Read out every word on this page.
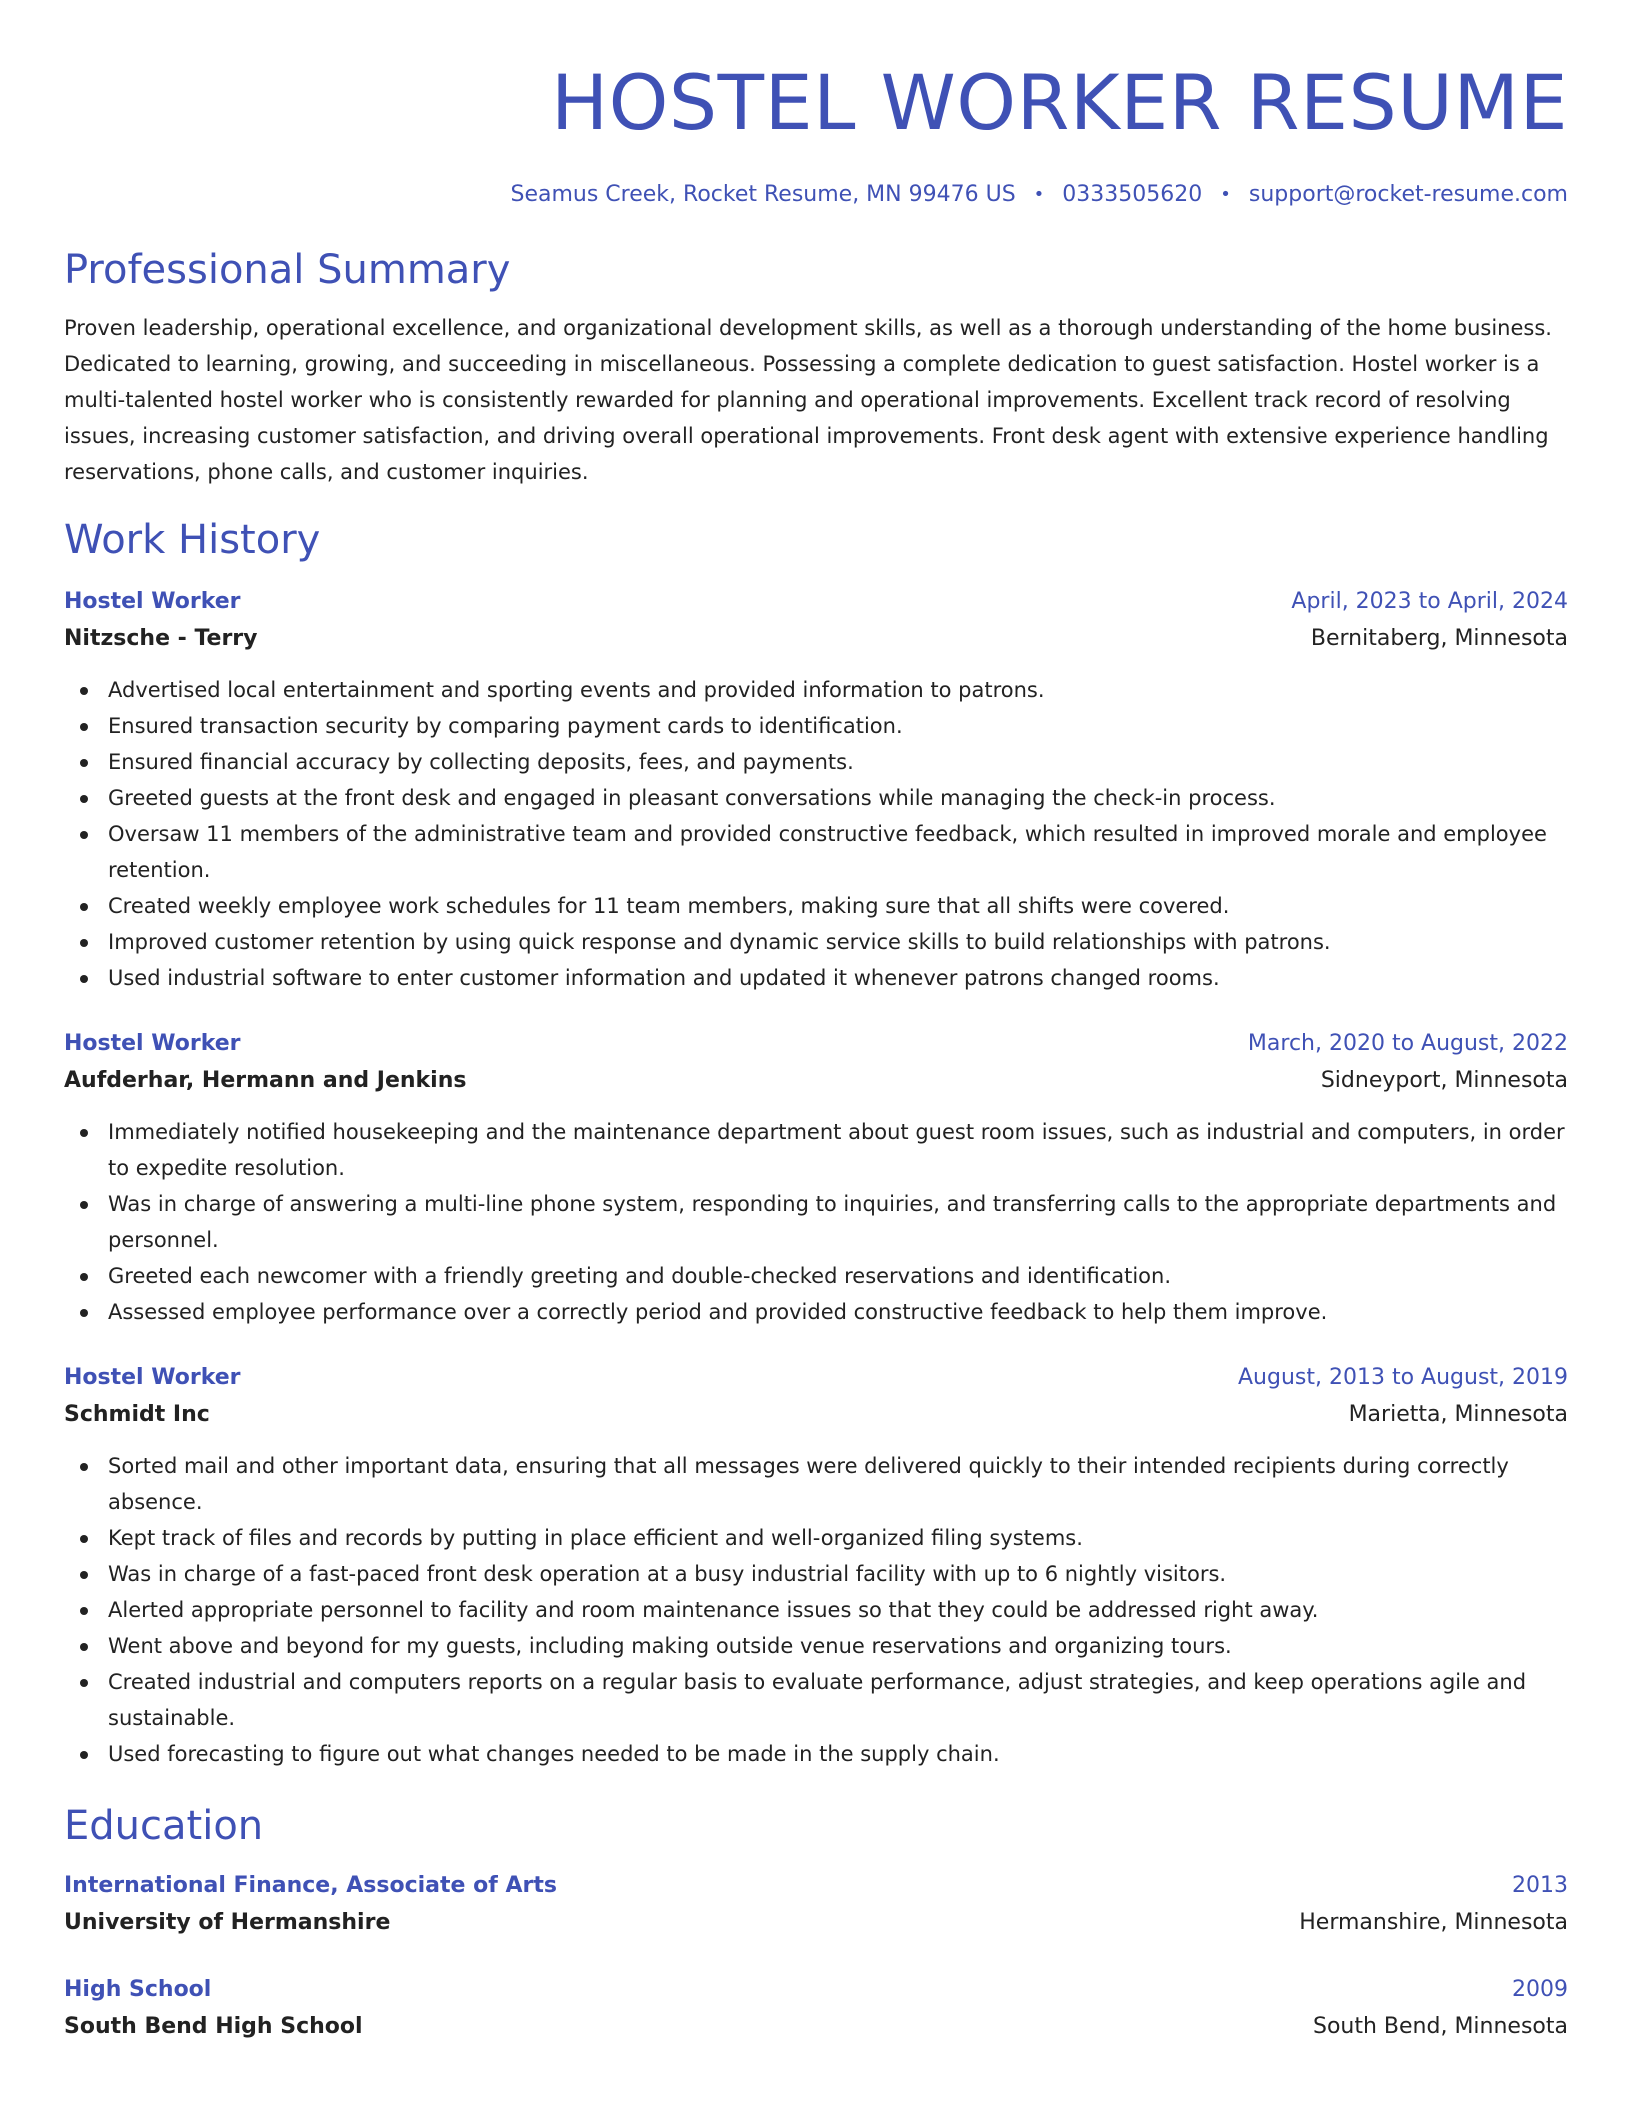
HOSTEL WORKER RESUME
Seamus Creek, Rocket Resume, MN 99476 US • 0333505620 • support@rocket-resume.com
Professional Summary

Proven leadership, operational excellence, and organizational development skills, as well as a thorough understanding of the home business. Dedicated to learning, growing, and succeeding in miscellaneous. Possessing a complete dedication to guest satisfaction. Hostel worker is a multi-talented hostel worker who is consistently rewarded for planning and operational improvements. Excellent track record of resolving issues, increasing customer satisfaction, and driving overall operational improvements. Front desk agent with extensive experience handling reservations, phone calls, and customer inquiries.

Work History
Hostel Worker	April, 2023 to April, 2024
Nitzsche - Terry	Bernitaberg, Minnesota
Advertised local entertainment and sporting events and provided information to patrons.
Ensured transaction security by comparing payment cards to identification.
Ensured financial accuracy by collecting deposits, fees, and payments.
Greeted guests at the front desk and engaged in pleasant conversations while managing the check-in process.
Oversaw 11 members of the administrative team and provided constructive feedback, which resulted in improved morale and employee retention.
Created weekly employee work schedules for 11 team members, making sure that all shifts were covered.
Improved customer retention by using quick response and dynamic service skills to build relationships with patrons.
Used industrial software to enter customer information and updated it whenever patrons changed rooms.
Hostel Worker	March, 2020 to August, 2022
Aufderhar, Hermann and Jenkins	Sidneyport, Minnesota
Immediately notified housekeeping and the maintenance department about guest room issues, such as industrial and computers, in order to expedite resolution.
Was in charge of answering a multi-line phone system, responding to inquiries, and transferring calls to the appropriate departments and personnel.
Greeted each newcomer with a friendly greeting and double-checked reservations and identification.
Assessed employee performance over a correctly period and provided constructive feedback to help them improve.
Hostel Worker	August, 2013 to August, 2019
Schmidt Inc	Marietta, Minnesota
Sorted mail and other important data, ensuring that all messages were delivered quickly to their intended recipients during correctly absence.
Kept track of files and records by putting in place efficient and well-organized filing systems.
Was in charge of a fast-paced front desk operation at a busy industrial facility with up to 6 nightly visitors.
Alerted appropriate personnel to facility and room maintenance issues so that they could be addressed right away.
Went above and beyond for my guests, including making outside venue reservations and organizing tours.
Created industrial and computers reports on a regular basis to evaluate performance, adjust strategies, and keep operations agile and sustainable.
Used forecasting to figure out what changes needed to be made in the supply chain.
Education
International Finance, Associate of Arts	2013
University of Hermanshire	Hermanshire, Minnesota
High School	2009
South Bend High School	South Bend, Minnesota
